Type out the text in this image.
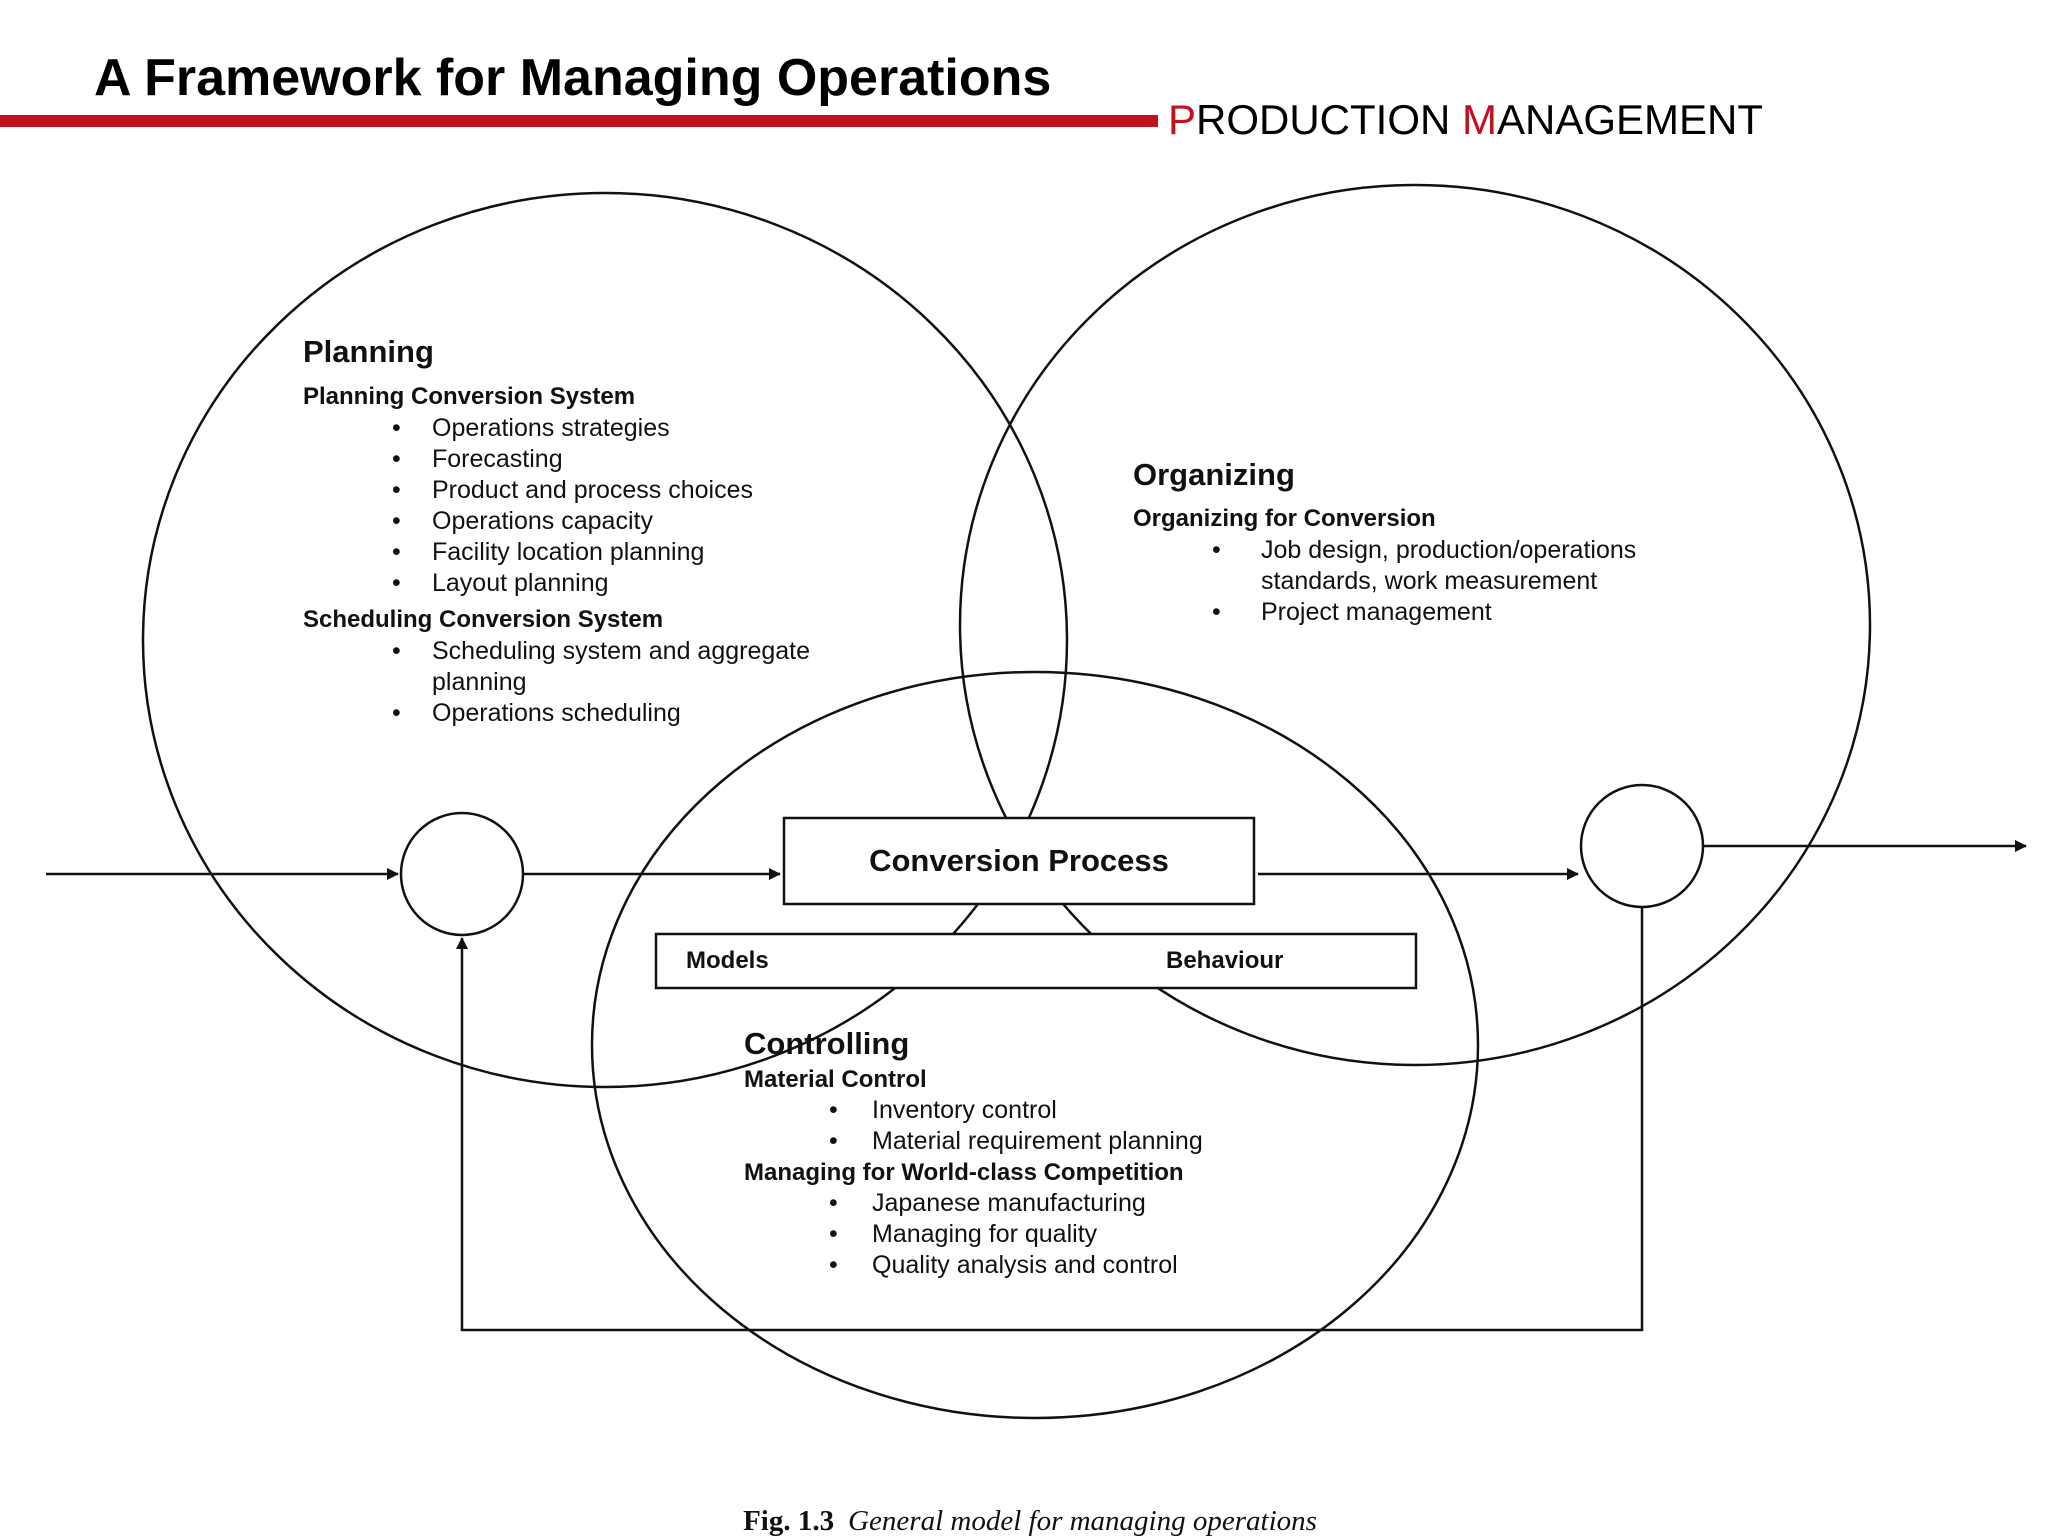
A Framework for Managing Operations
PRODUCTION MANAGEMENT
Conversion Process
Models	Behaviour
Planning
Planning Conversion System
• Operations strategies
• Forecasting
• Product and process choices
• Operations capacity
• Facility location planning
• Layout planning
Scheduling Conversion System
• Scheduling system and aggregate
planning
• Operations scheduling
Organizing
Organizing for Conversion
• Job design, production/operations
standards, work measurement
• Project management
Controlling
Material Control
• Inventory control
• Material requirement planning
Managing for World-class Competition
• Japanese manufacturing
• Managing for quality
• Quality analysis and control
Fig. 1.3 General model for managing operations
